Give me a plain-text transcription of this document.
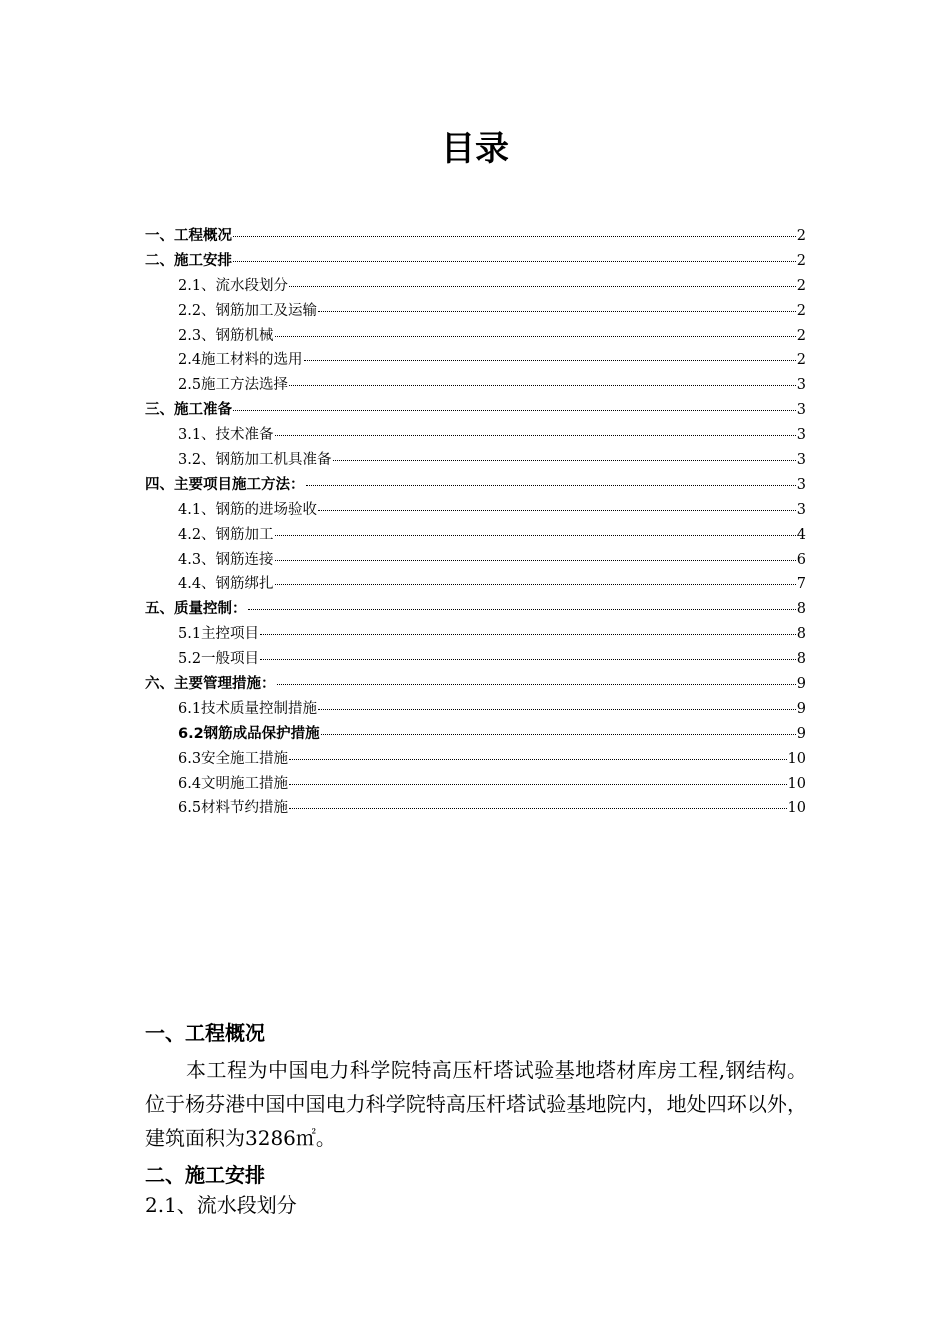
目录
一、工程概况	2
二、施工安排	2
2.1、流水段划分	2
2.2、钢筋加工及运输	2
2.3、钢筋机械	2
2.4施工材料的选用	2
2.5施工方法选择	3
三、施工准备	3
3.1、技术准备	3
3.2、钢筋加工机具准备	3
四、主要项目施工方法：	3
4.1、钢筋的进场验收	3
4.2、钢筋加工	4
4.3、钢筋连接	6
4.4、钢筋绑扎	7
五、质量控制：	8
5.1主控项目	8
5.2一般项目	8
六、主要管理措施：	9
6.1技术质量控制措施	9
6.2钢筋成品保护措施	9
6.3安全施工措施	10
6.4文明施工措施	10
6.5材料节约措施	10
一、工程概况
本工程为中国电力科学院特高压杆塔试验基地塔材库房工程,钢结构。位于杨芬港中国中国电力科学院特高压杆塔试验基地院内，地处四环以外，建筑面积为3286㎡。
二、施工安排
2.1、流水段划分
